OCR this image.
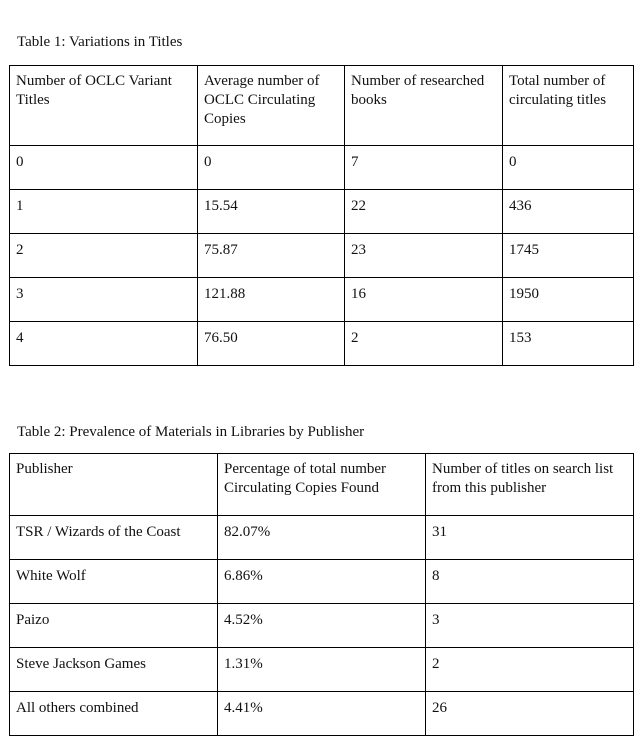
Table 1: Variations in Titles
Number of OCLC Variant Titles	Average number of OCLC Circulating Copies	Number of researched books	Total number of circulating titles
0	0	7	0
1	15.54	22	436
2	75.87	23	1745
3	121.88	16	1950
4	76.50	2	153
Table 2: Prevalence of Materials in Libraries by Publisher
Publisher	Percentage of total number Circulating Copies Found	Number of titles on search list from this publisher
TSR / Wizards of the Coast	82.07%	31
White Wolf	6.86%	8
Paizo	4.52%	3
Steve Jackson Games	1.31%	2
All others combined	4.41%	26
